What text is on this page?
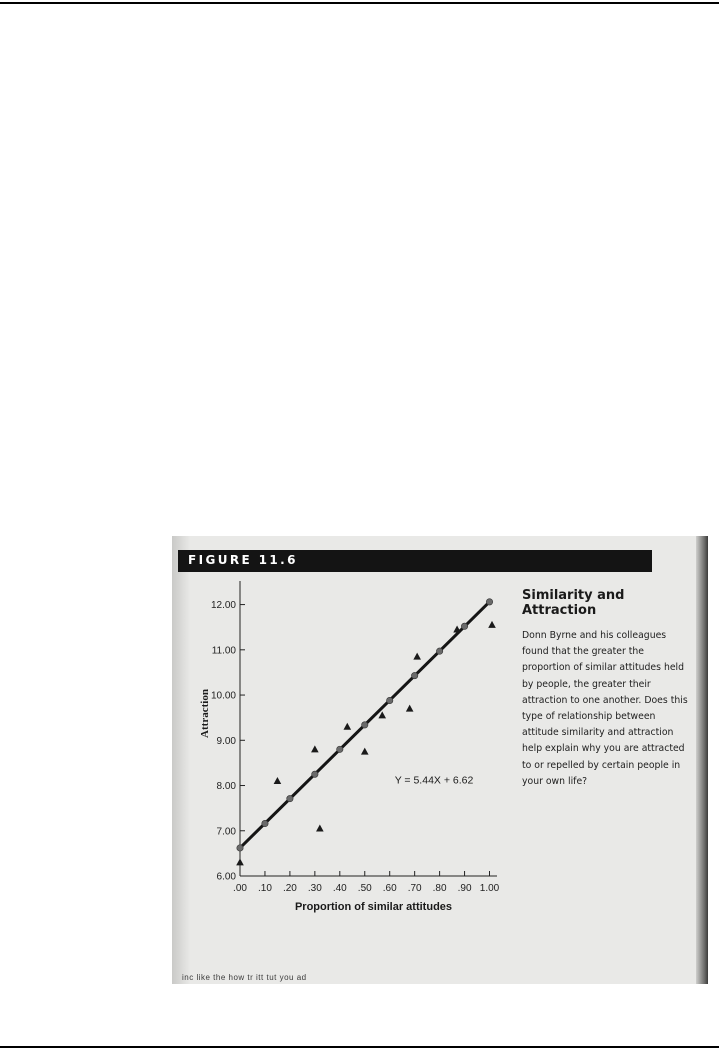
FIGURE 11.6
6.00
7.00
8.00
9.00
10.00
11.00
12.00
.00 .10 .20 .30 .40 .50 .60 .70 .80 .90 1.00
Proportion of similar attitudes
Attraction
Y = 5.44X + 6.62
Similarity and Attraction
Donn Byrne and his colleagues found that the greater the proportion of similar attitudes held by people, the greater their attraction to one another. Does this type of relationship between attitude similarity and attraction help explain why you are attracted to or repelled by certain people in your own life?
inc like the how tr itt tut you ad
